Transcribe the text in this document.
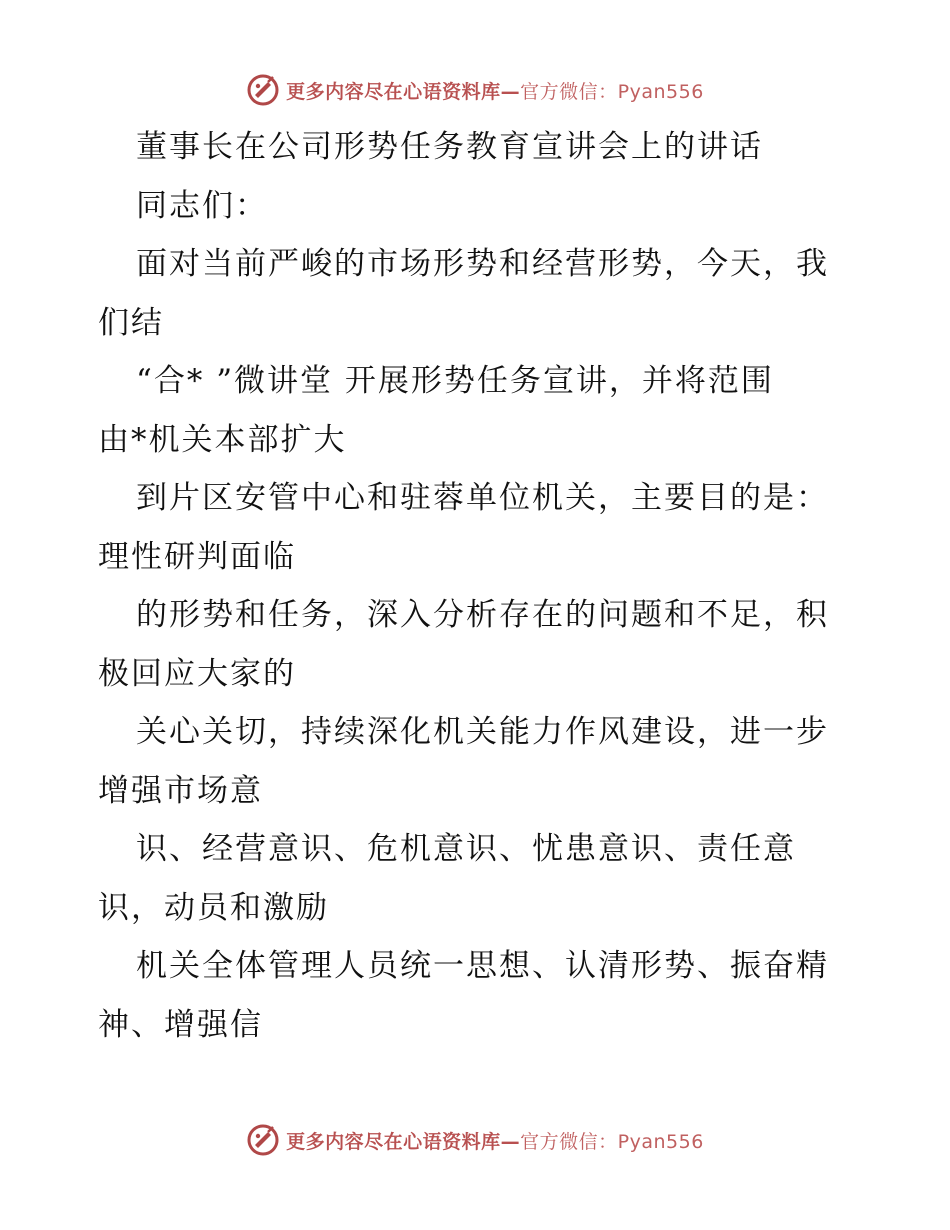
更多内容尽在心语资料库—官方微信：Pyan556
董事长在公司形势任务教育宣讲会上的讲话
同志们：
面对当前严峻的市场形势和经营形势，今天，我
们结
“合* ”微讲堂 开展形势任务宣讲，并将范围
由*机关本部扩大
到片区安管中心和驻蓉单位机关，主要目的是：
理性研判面临
的形势和任务，深入分析存在的问题和不足，积
极回应大家的
关心关切，持续深化机关能力作风建设，进一步
增强市场意
识、经营意识、危机意识、忧患意识、责任意
识，动员和激励
机关全体管理人员统一思想、认清形势、振奋精
神、增强信
更多内容尽在心语资料库—官方微信：Pyan556
